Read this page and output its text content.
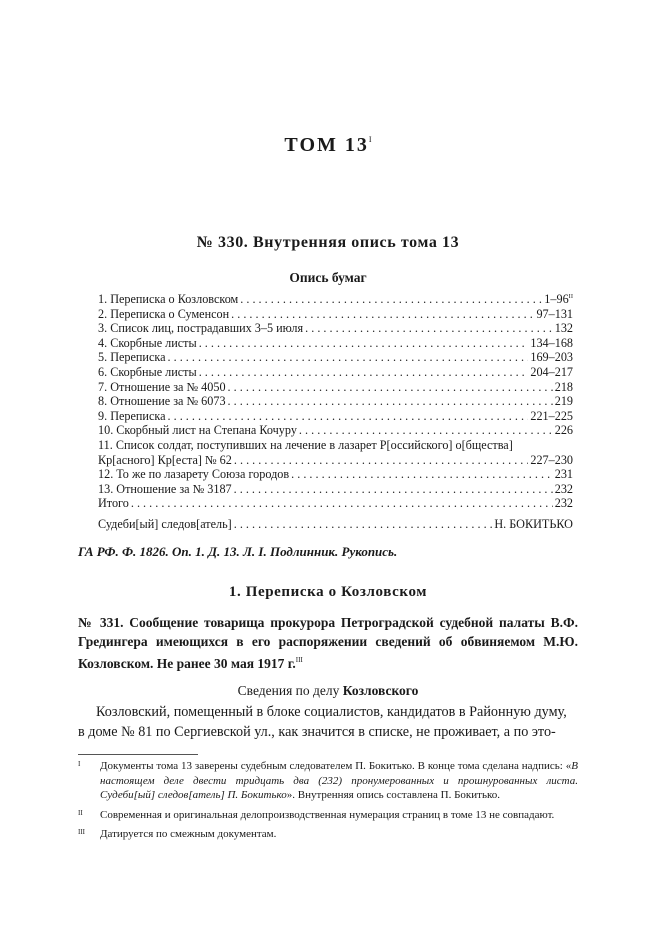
ТОМ $13^I$
№ 330. Внутренняя опись тома 13
Опись бумаг
1. Переписка о Козловском . . .	$1-96^{II}$
2. Переписка о Суменсон . . .	97–131
3. Список лиц, пострадавших 3–5 июля . . .	132
4. Скорбные листы . . .	134–168
5. Переписка . . .	169–203
6. Скорбные листы . . .	204–217
7. Отношение за № 4050 . . .	218
8. Отношение за № 6073 . . .	219
9. Переписка . . .	221–225
10. Скорбный лист на Степана Кочуру . . .	226
11. Список солдат, поступивших на лечение в лазарет Р[оссийского] о[бщества]
Кр[асного] Кр[еста] № 62 . . .	227–230
12. То же по лазарету Союза городов . . .	231
13. Отношение за № 3187 . . .	232
Итого . . .	232
Судеби[ый] следов[атель] . . .	Н. БОКИТЬКО
ГА РФ. Ф. 1826. Оп. 1. Д. 13. Л. I. Подлинник. Рукопись.
1. Переписка о Козловском
№ 331. Сообщение товарища прокурора Петроградской судебной палаты В.Ф. Гредингера имеющихся в его распоряжении сведений об обвиняемом М.Ю. Козловском. Не ранее 30 мая 1917 г.$^{III}$
Сведения по делу Козловского
Козловский, помещенный в блоке социалистов, кандидатов в Районную думу,
в доме № 81 по Сергиевской ул., как значится в списке, не проживает, а по это-
I Документы тома 13 заверены судебным следователем П. Бокитько. В конце тома сделана надпись: «В настоящем деле двести тридцать два (232) пронумерованных и прошнурованных листа. Судеби[ый] следов[атель] П. Бокитько». Внутренняя опись составлена П. Бокитько.
II Современная и оригинальная делопроизводственная нумерация страниц в томе 13 не совпадают.
III Датируется по смежным документам.
